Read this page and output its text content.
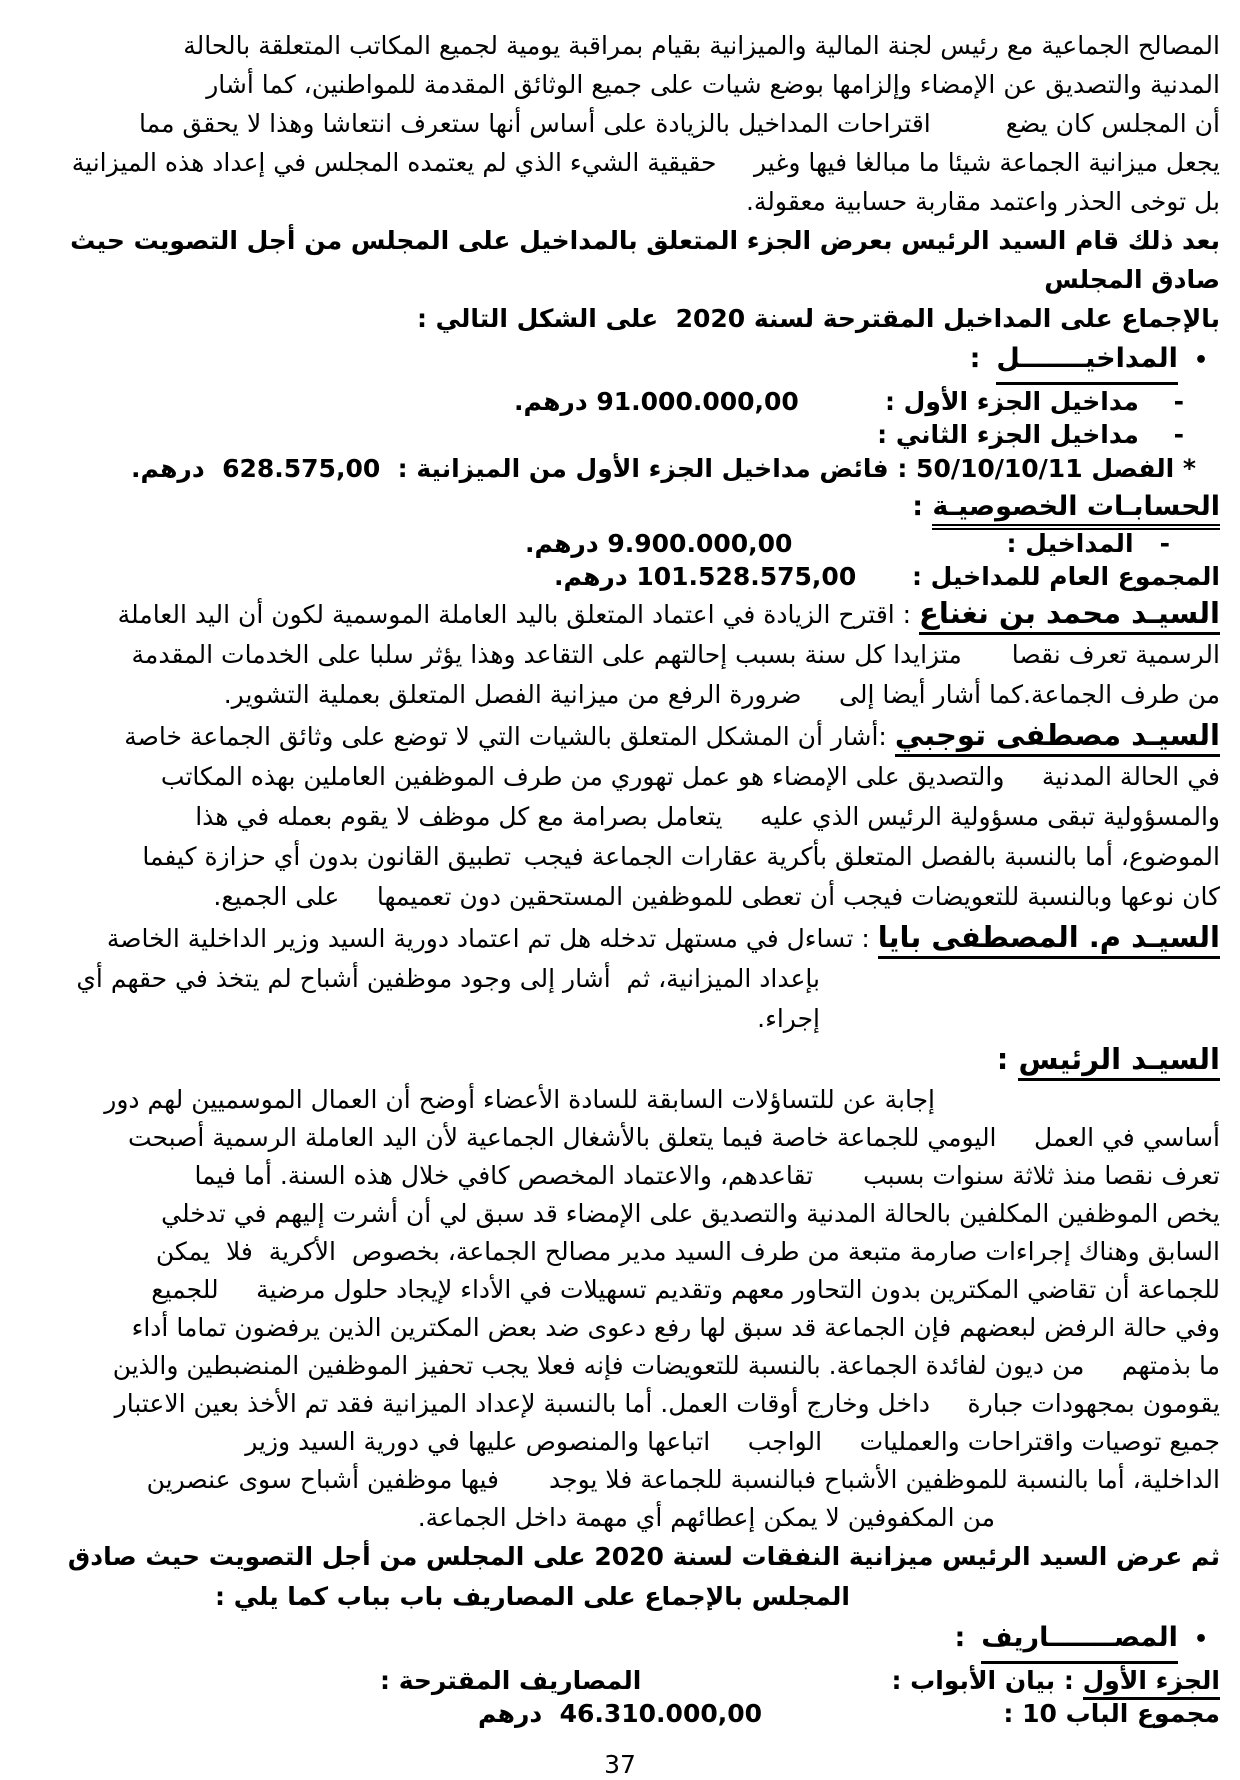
المصالح الجماعية مع رئيس لجنة المالية والميزانية بقيام بمراقبة يومية لجميع المكاتب المتعلقة بالحالة
المدنية والتصديق عن الإمضاء وإلزامها بوضع شيات على جميع الوثائق المقدمة للمواطنين، كما أشار
أن المجلس كان يضع   اقتراحات المداخيل بالزيادة على أساس أنها ستعرف انتعاشا وهذا لا يحقق مما
يجعل ميزانية الجماعة شيئا ما مبالغا فيها وغير  حقيقية الشيء الذي لم يعتمده المجلس في إعداد هذه الميزانية
بل توخى الحذر واعتمد مقاربة حسابية معقولة.
بعد ذلك قام السيد الرئيس بعرض الجزء المتعلق بالمداخيل على المجلس من أجل التصويت حيث صادق المجلس
بالإجماع على المداخيل المقترحة لسنة 2020  على الشكل التالي :
•
المداخيـــــــل
:
-    مداخيل الجزء الأول :
91.000.000,00 درهم.
-    مداخيل الجزء الثاني :
* الفصل 50/10/10/11 : فائض مداخيل الجزء الأول من الميزانية :  628.575,00  درهم.
الحسابـات الخصوصيـة :
-   المداخيل :
9.900.000,00 درهم.
المجموع العام للمداخيل :
101.528.575,00 درهم.
السيـد محمد بن نغناع : اقترح الزيادة في اعتماد المتعلق باليد العاملة الموسمية لكون أن اليد العاملة
الرسمية تعرف نقصا  متزايدا كل سنة بسبب إحالتهم على التقاعد وهذا يؤثر سلبا على الخدمات المقدمة
من طرف الجماعة.كما أشار أيضا إلى  ضرورة الرفع من ميزانية الفصل المتعلق بعملية التشوير.
السيـد مصطفى توجبي :أشار أن المشكل المتعلق بالشيات التي لا توضع على وثائق الجماعة خاصة
في الحالة المدنية  والتصديق على الإمضاء هو عمل تهوري من طرف الموظفين العاملين بهذه المكاتب
والمسؤولية تبقى مسؤولية الرئيس الذي عليه  يتعامل بصرامة مع كل موظف لا يقوم بعمله في هذا
الموضوع، أما بالنسبة بالفصل المتعلق بأكرية عقارات الجماعة فيجب تطبيق القانون بدون أي حزازة كيفما
كان نوعها وبالنسبة للتعويضات فيجب أن تعطى للموظفين المستحقين دون تعميمها  على الجميع.
السيـد م. المصطفى بايا : تساءل في مستهل تدخله هل تم اعتماد دورية السيد وزير الداخلية الخاصة
بإعداد الميزانية، ثم  أشار إلى وجود موظفين أشباح لم يتخذ في حقهم أي إجراء.
السيـد الرئيس :
إجابة عن للتساؤلات السابقة للسادة الأعضاء أوضح أن العمال الموسميين لهم دور
أساسي في العمل  اليومي للجماعة خاصة فيما يتعلق بالأشغال الجماعية لأن اليد العاملة الرسمية أصبحت
تعرف نقصا منذ ثلاثة سنوات بسبب  تقاعدهم، والاعتماد المخصص كافي خلال هذه السنة. أما فيما
يخص الموظفين المكلفين بالحالة المدنية والتصديق على الإمضاء قد سبق لي أن أشرت إليهم في تدخلي
السابق وهناك إجراءات صارمة متبعة من طرف السيد مدير مصالح الجماعة، بخصوص  الأكرية  فلا  يمكن
للجماعة أن تقاضي المكترين بدون التحاور معهم وتقديم تسهيلات في الأداء لإيجاد حلول مرضية  للجميع
وفي حالة الرفض لبعضهم فإن الجماعة قد سبق لها رفع دعوى ضد بعض المكترين الذين يرفضون تماما أداء
ما بذمتهم  من ديون لفائدة الجماعة. بالنسبة للتعويضات فإنه فعلا يجب تحفيز الموظفين المنضبطين والذين
يقومون بمجهودات جبارة  داخل وخارج أوقات العمل. أما بالنسبة لإعداد الميزانية فقد تم الأخذ بعين الاعتبار
جميع توصيات واقتراحات والعمليات  الواجب  اتباعها والمنصوص عليها في دورية السيد وزير
الداخلية، أما بالنسبة للموظفين الأشباح فبالنسبة للجماعة فلا يوجد  فيها موظفين أشباح سوى عنصرين
من المكفوفين لا يمكن إعطائهم أي مهمة داخل الجماعة.
ثم عرض السيد الرئيس ميزانية النفقات لسنة 2020 على المجلس من أجل التصويت حيث صادق
المجلس بالإجماع على المصاريف باب بباب كما يلي :
•
المصـــــــاريف
:
الجزء الأول : بيان الأبواب :
المصاريف المقترحة :
مجموع الباب 10 :
46.310.000,00  درهم
37
